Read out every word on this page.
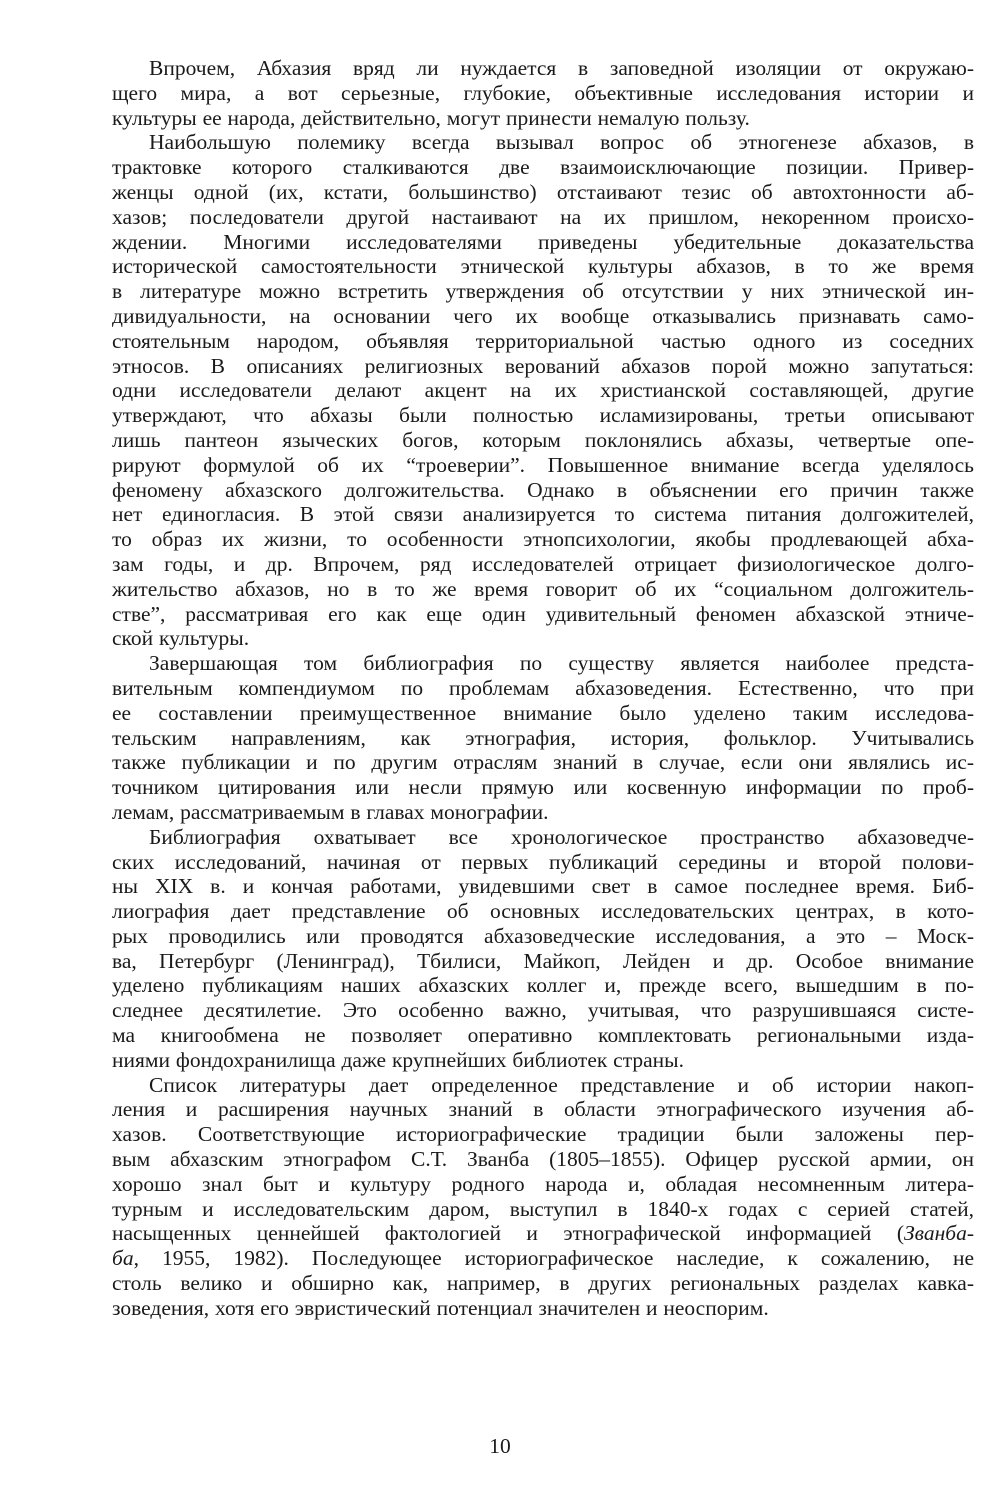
Впрочем, Абхазия вряд ли нуждается в заповедной изоляции от окружаю-
щего мира, а вот серьезные, глубокие, объективные исследования истории и
культуры ее народа, действительно, могут принести немалую пользу.

Наибольшую полемику всегда вызывал вопрос об этногенезе абхазов, в
трактовке которого сталкиваются две взаимоисключающие позиции. Привер-
женцы одной (их, кстати, большинство) отстаивают тезис об автохтонности аб-
хазов; последователи другой настаивают на их пришлом, некоренном происхо-
ждении. Многими исследователями приведены убедительные доказательства
исторической самостоятельности этнической культуры абхазов, в то же время
в литературе можно встретить утверждения об отсутствии у них этнической ин-
дивидуальности, на основании чего их вообще отказывались признавать само-
стоятельным народом, объявляя территориальной частью одного из соседних
этносов. В описаниях религиозных верований абхазов порой можно запутаться:
одни исследователи делают акцент на их христианской составляющей, другие
утверждают, что абхазы были полностью исламизированы, третьи описывают
лишь пантеон языческих богов, которым поклонялись абхазы, четвертые опе-
рируют формулой об их “троеверии”. Повышенное внимание всегда уделялось
феномену абхазского долгожительства. Однако в объяснении его причин также
нет единогласия. В этой связи анализируется то система питания долгожителей,
то образ их жизни, то особенности этнопсихологии, якобы продлевающей абха-
зам годы, и др. Впрочем, ряд исследователей отрицает физиологическое долго-
жительство абхазов, но в то же время говорит об их “социальном долгожитель-
стве”, рассматривая его как еще один удивительный феномен абхазской этниче-
ской культуры.

Завершающая том библиография по существу является наиболее предста-
вительным компендиумом по проблемам абхазоведения. Естественно, что при
ее составлении преимущественное внимание было уделено таким исследова-
тельским направлениям, как этнография, история, фольклор. Учитывались
также публикации и по другим отраслям знаний в случае, если они являлись ис-
точником цитирования или несли прямую или косвенную информации по проб-
лемам, рассматриваемым в главах монографии.

Библиография охватывает все хронологическое пространство абхазоведче-
ских исследований, начиная от первых публикаций середины и второй полови-
ны XIX в. и кончая работами, увидевшими свет в самое последнее время. Биб-
лиография дает представление об основных исследовательских центрах, в кото-
рых проводились или проводятся абхазоведческие исследования, а это – Моск-
ва, Петербург (Ленинград), Тбилиси, Майкоп, Лейден и др. Особое внимание
уделено публикациям наших абхазских коллег и, прежде всего, вышедшим в по-
следнее десятилетие. Это особенно важно, учитывая, что разрушившаяся систе-
ма книгообмена не позволяет оперативно комплектовать региональными изда-
ниями фондохранилища даже крупнейших библиотек страны.

Список литературы дает определенное представление и об истории накоп-
ления и расширения научных знаний в области этнографического изучения аб-
хазов. Соответствующие историографические традиции были заложены пер-
вым абхазским этнографом С.Т. Званба (1805–1855). Офицер русской армии, он
хорошо знал быт и культуру родного народа и, обладая несомненным литера-
турным и исследовательским даром, выступил в 1840-х годах с серией статей,
насыщенных ценнейшей фактологией и этнографической информацией (Званба-
ба, 1955, 1982). Последующее историографическое наследие, к сожалению, не
столь велико и обширно как, например, в других региональных разделах кавка-
зоведения, хотя его эвристический потенциал значителен и неоспорим.

10
